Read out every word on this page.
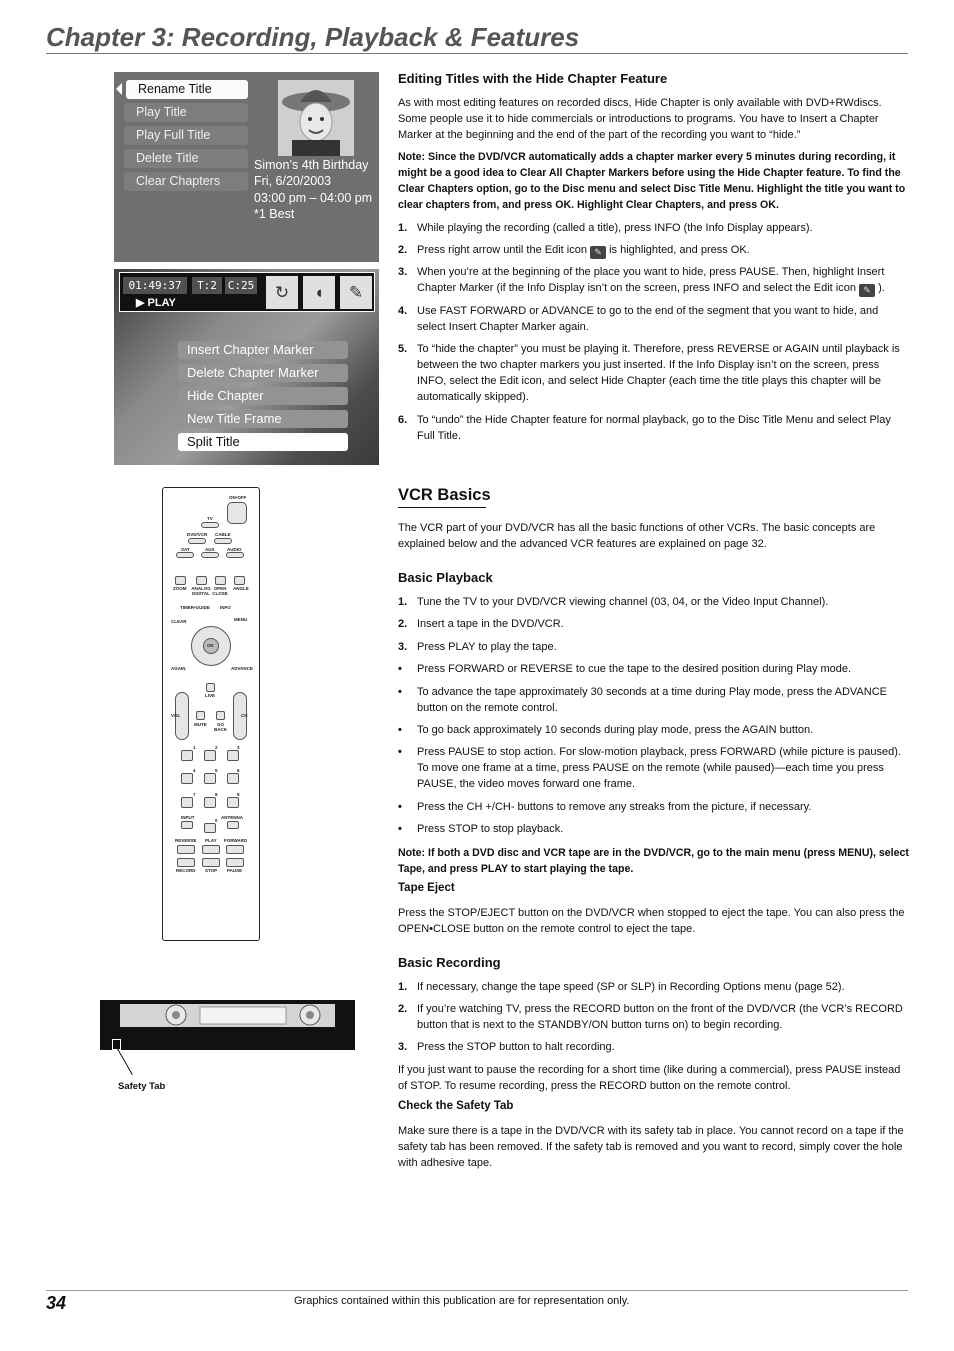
Chapter 3: Recording, Playback & Features
Rename Title
Play Title
Play Full Title
Delete Title
Clear Chapters
Simon’s 4th Birthday
Fri, 6/20/2003
03:00 pm – 04:00 pm
*1 Best
01:49:37	T:2 C:25
▶ PLAY
↻	◖	✎
Insert Chapter Marker
Delete Chapter Marker
Hide Chapter
New Title Frame
Split Title
ON•OFF
TV
DVD/VCR CABLE
SAT	AUX	AUDIO
ZOOM ANALOG DIGITAL
OPEN CLOSE
ANGLE
TIMER•GUIDE INFO
CLEAR	MENU
OK
AGAIN	ADVANCE
LIVE
VOL	CH
MUTE	GO BACK
1	2	3
4	5	6
7	8	9
INPUT
0
ANTENNA
REVERSE PLAY FORWARD
RECORD STOP PAUSE
Safety Tab
Editing Titles with the Hide Chapter Feature

As with most editing features on recorded discs, Hide Chapter is only available with DVD+RWdiscs. Some people use it to hide commercials or introductions to programs. You have to Insert a Chapter Marker at the beginning and the end of the part of the recording you want to “hide.”

Note: Since the DVD/VCR automatically adds a chapter marker every 5 minutes during recording, it might be a good idea to Clear All Chapter Markers before using the Hide Chapter feature. To find the Clear Chapters option, go to the Disc menu and select Disc Title Menu. Highlight the title you want to clear chapters from, and press OK. Highlight Clear Chapters, and press OK.

1. While playing the recording (called a title), press INFO (the Info Display appears).
2. Press right arrow until the Edit icon ✎ is highlighted, and press OK.
3. When you’re at the beginning of the place you want to hide, press PAUSE. Then, highlight Insert Chapter Marker (if the Info Display isn’t on the screen, press INFO and select the Edit icon ✎ ).
4. Use FAST FORWARD or ADVANCE to go to the end of the segment that you want to hide, and select Insert Chapter Marker again.
5. To “hide the chapter” you must be playing it. Therefore, press REVERSE or AGAIN until playback is between the two chapter markers you just inserted. If the Info Display isn’t on the screen, press INFO, select the Edit icon, and select Hide Chapter (each time the title plays this chapter will be automatically skipped).
6. To “undo” the Hide Chapter feature for normal playback, go to the Disc Title Menu and select Play Full Title.
VCR Basics

The VCR part of your DVD/VCR has all the basic functions of other VCRs. The basic concepts are explained below and the advanced VCR features are explained on page 32.

Basic Playback
1. Tune the TV to your DVD/VCR viewing channel (03, 04, or the Video Input Channel).
2. Insert a tape in the DVD/VCR.
3. Press PLAY to play the tape.
• Press FORWARD or REVERSE to cue the tape to the desired position during Play mode.
• To advance the tape approximately 30 seconds at a time during Play mode, press the ADVANCE button on the remote control.
• To go back approximately 10 seconds during play mode, press the AGAIN button.
• Press PAUSE to stop action. For slow-motion playback, press FORWARD (while picture is paused). To move one frame at a time, press PAUSE on the remote (while paused)—each time you press PAUSE, the video moves forward one frame.
• Press the CH +/CH- buttons to remove any streaks from the picture, if necessary.
• Press STOP to stop playback.

Note: If both a DVD disc and VCR tape are in the DVD/VCR, go to the main menu (press MENU), select Tape, and press PLAY to start playing the tape.

Tape Eject

Press the STOP/EJECT button on the DVD/VCR when stopped to eject the tape. You can also press the OPEN•CLOSE button on the remote control to eject the tape.

Basic Recording
1. If necessary, change the tape speed (SP or SLP) in Recording Options menu (page 52).
2. If you’re watching TV, press the RECORD button on the front of the DVD/VCR (the VCR’s RECORD button that is next to the STANDBY/ON button turns on) to begin recording.
3. Press the STOP button to halt recording.

If you just want to pause the recording for a short time (like during a commercial), press PAUSE instead of STOP. To resume recording, press the RECORD button on the remote control.

Check the Safety Tab

Make sure there is a tape in the DVD/VCR with its safety tab in place. You cannot record on a tape if the safety tab has been removed. If the safety tab is removed and you want to record, simply cover the hole with adhesive tape.

34	Graphics contained within this publication are for representation only.
